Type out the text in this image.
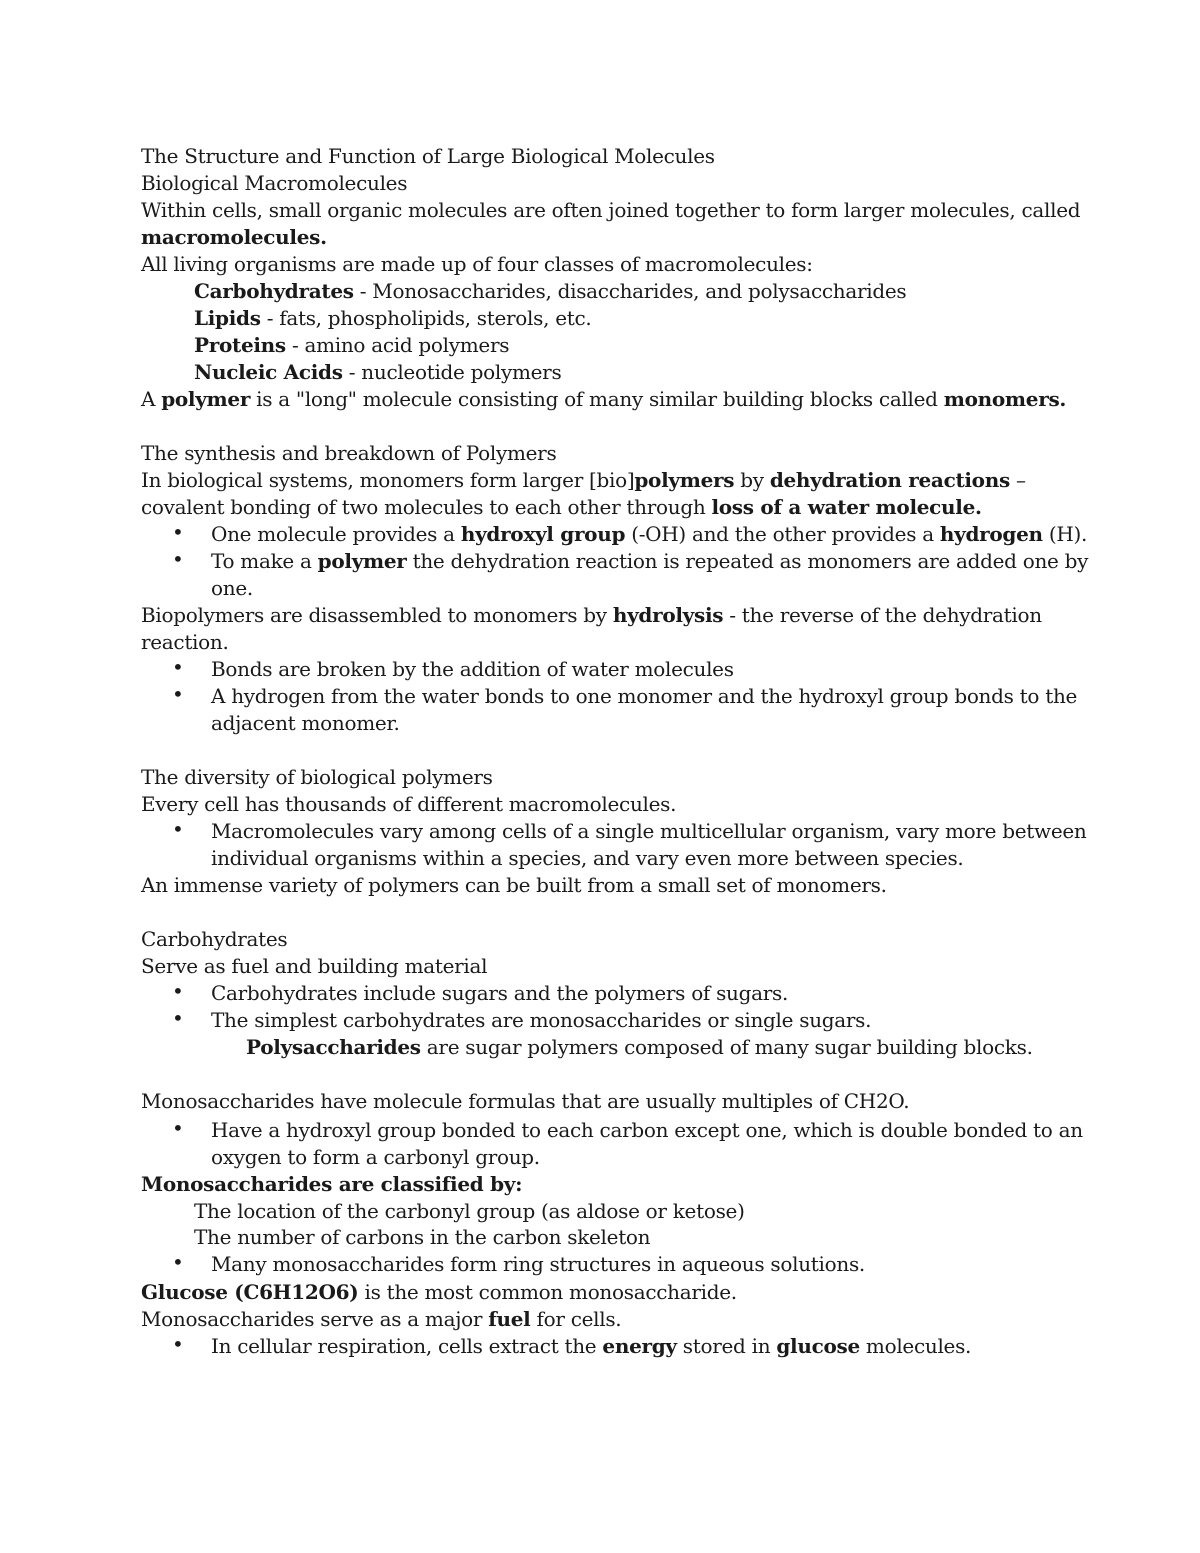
The Structure and Function of Large Biological Molecules
Biological Macromolecules
Within cells, small organic molecules are often joined together to form larger molecules, called
macromolecules.
All living organisms are made up of four classes of macromolecules:
Carbohydrates - Monosaccharides, disaccharides, and polysaccharides
Lipids - fats, phospholipids, sterols, etc.
Proteins - amino acid polymers
Nucleic Acids - nucleotide polymers
A polymer is a "long" molecule consisting of many similar building blocks called monomers.
The synthesis and breakdown of Polymers
In biological systems, monomers form larger [bio]polymers by dehydration reactions –
covalent bonding of two molecules to each other through loss of a water molecule.
• One molecule provides a hydroxyl group (-OH) and the other provides a hydrogen (H).
• To make a polymer the dehydration reaction is repeated as monomers are added one by
one.
Biopolymers are disassembled to monomers by hydrolysis - the reverse of the dehydration
reaction.
• Bonds are broken by the addition of water molecules
• A hydrogen from the water bonds to one monomer and the hydroxyl group bonds to the
adjacent monomer.
The diversity of biological polymers
Every cell has thousands of different macromolecules.
• Macromolecules vary among cells of a single multicellular organism, vary more between
individual organisms within a species, and vary even more between species.
An immense variety of polymers can be built from a small set of monomers.
Carbohydrates
Serve as fuel and building material
• Carbohydrates include sugars and the polymers of sugars.
• The simplest carbohydrates are monosaccharides or single sugars.
Polysaccharides are sugar polymers composed of many sugar building blocks.
Monosaccharides have molecule formulas that are usually multiples of CH2O.
• Have a hydroxyl group bonded to each carbon except one, which is double bonded to an
oxygen to form a carbonyl group.
Monosaccharides are classified by:
The location of the carbonyl group (as aldose or ketose)
The number of carbons in the carbon skeleton
• Many monosaccharides form ring structures in aqueous solutions.
Glucose (C6H12O6) is the most common monosaccharide.
Monosaccharides serve as a major fuel for cells.
• In cellular respiration, cells extract the energy stored in glucose molecules.
